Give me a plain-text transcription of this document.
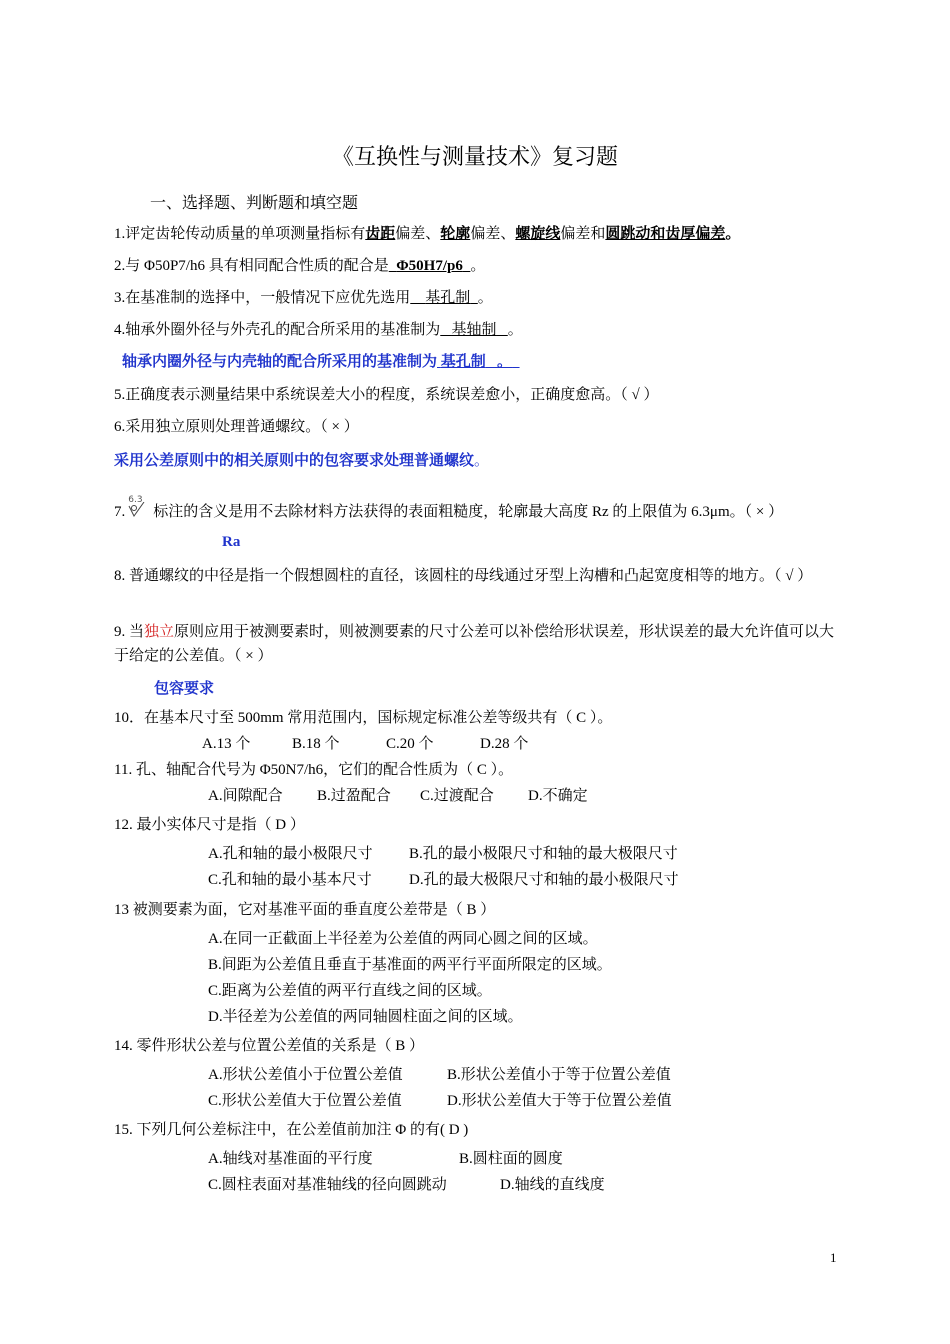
《互换性与测量技术》复习题
一、选择题、判断题和填空题
1.评定齿轮传动质量的单项测量指标有齿距偏差、轮廓偏差、螺旋线偏差和圆跳动和齿厚偏差。
2.与 Φ50P7/h6 具有相同配合性质的配合是 Φ50H7/p6 。
3.在基准制的选择中，一般情况下应优先选用 基孔制 。
4.轴承外圈外径与外壳孔的配合所采用的基准制为 基轴制 。
轴承内圈外径与内壳轴的配合所采用的基准制为 基孔制 。
5.正确度表示测量结果中系统误差大小的程度，系统误差愈小，正确度愈高。（ √ ）
6.采用独立原则处理普通螺纹。（ × ）
采用公差原则中的相关原则中的包容要求处理普通螺纹。
7.
6.3
标注的含义是用不去除材料方法获得的表面粗糙度，轮廓最大高度 Rz 的上限值为 6.3μm。（ × ）
Ra
8. 普通螺纹的中径是指一个假想圆柱的直径，该圆柱的母线通过牙型上沟槽和凸起宽度相等的地方。（ √ ）
9. 当独立原则应用于被测要素时，则被测要素的尺寸公差可以补偿给形状误差，形状误差的最大允许值可以大于给定的公差值。（ × ）
包容要求
10．在基本尺寸至 500mm 常用范围内，国标规定标准公差等级共有（ C ）。
A.13 个	B.18 个	C.20 个	D.28 个
11. 孔、轴配合代号为 Φ50N7/h6，它们的配合性质为（ C ）。
A.间隙配合 B.过盈配合 C.过渡配合 D.不确定
12. 最小实体尺寸是指（ D ）
A.孔和轴的最小极限尺寸 B.孔的最小极限尺寸和轴的最大极限尺寸
C.孔和轴的最小基本尺寸 D.孔的最大极限尺寸和轴的最小极限尺寸
13 被测要素为面，它对基准平面的垂直度公差带是（ B ）
A.在同一正截面上半径差为公差值的两同心圆之间的区域。
B.间距为公差值且垂直于基准面的两平行平面所限定的区域。
C.距离为公差值的两平行直线之间的区域。
D.半径差为公差值的两同轴圆柱面之间的区域。
14. 零件形状公差与位置公差值的关系是（ B ）
A.形状公差值小于位置公差值	B.形状公差值小于等于位置公差值
C.形状公差值大于位置公差值	D.形状公差值大于等于位置公差值
15. 下列几何公差标注中，在公差值前加注 Φ 的有( D )
A.轴线对基准面的平行度	B.圆柱面的圆度
C.圆柱表面对基准轴线的径向圆跳动	D.轴线的直线度
1
